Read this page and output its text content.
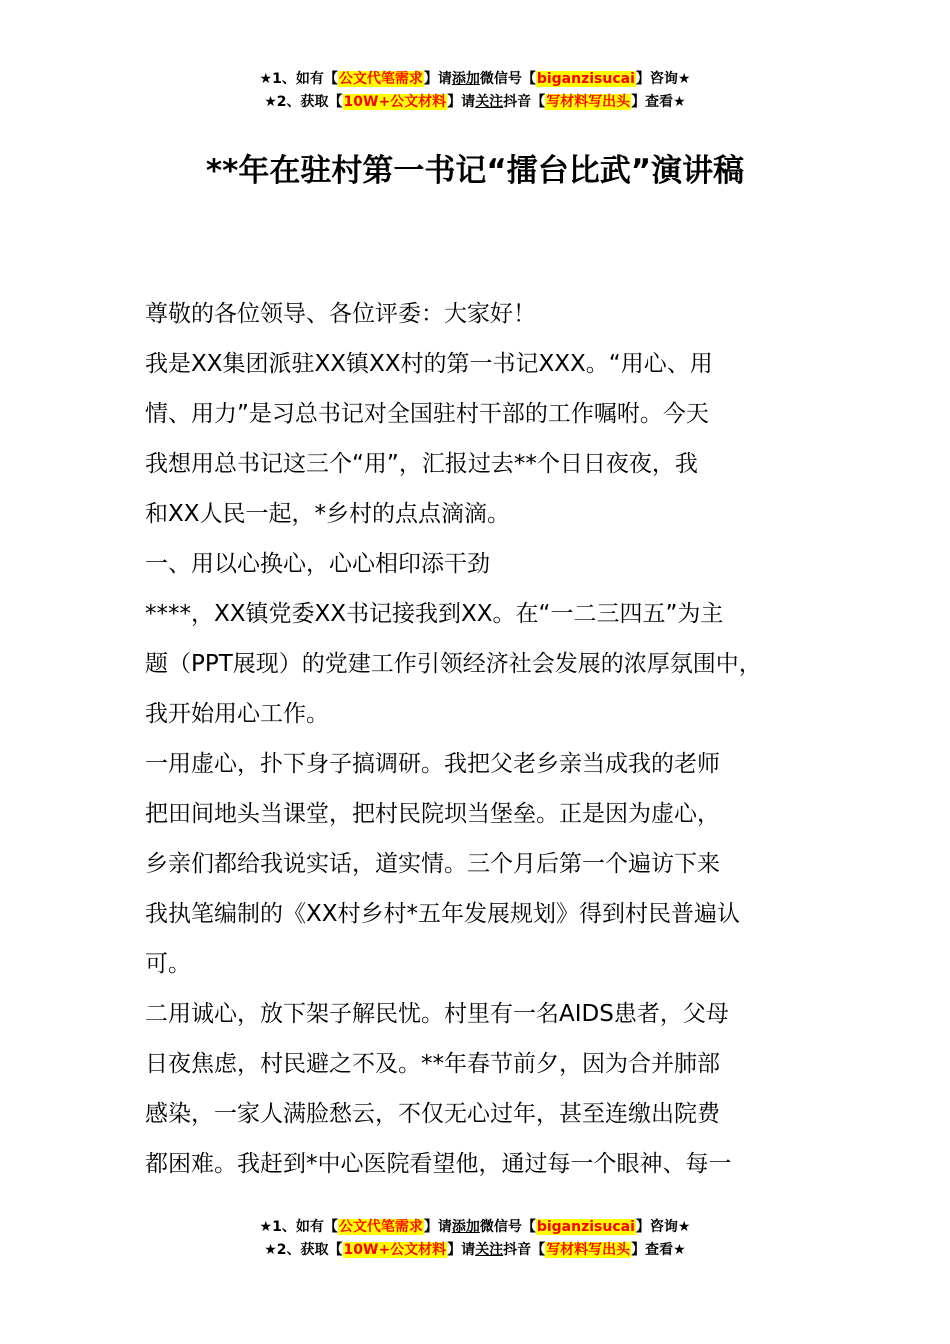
★1、如有【公文代笔需求】请添加微信号【biganzisucai】咨询★
★2、获取【10W+公文材料】请关注抖音【写材料写出头】查看★
**年在驻村第一书记“擂台比武”演讲稿
尊敬的各位领导、各位评委：大家好！
我是XX集团派驻XX镇XX村的第一书记XXX。“用心、用
情、用力”是习总书记对全国驻村干部的工作嘱咐。今天
我想用总书记这三个“用”，汇报过去**个日日夜夜，我
和XX人民一起，*乡村的点点滴滴。
一、用以心换心，心心相印添干劲
****，XX镇党委XX书记接我到XX。在“一二三四五”为主
题（PPT展现）的党建工作引领经济社会发展的浓厚氛围中，
我开始用心工作。
一用虚心，扑下身子搞调研。我把父老乡亲当成我的老师
把田间地头当课堂，把村民院坝当堡垒。正是因为虚心，
乡亲们都给我说实话，道实情。三个月后第一个遍访下来
我执笔编制的《XX村乡村*五年发展规划》得到村民普遍认
可。
二用诚心，放下架子解民忧。村里有一名AIDS患者，父母
日夜焦虑，村民避之不及。**年春节前夕，因为合并肺部
感染，一家人满脸愁云，不仅无心过年，甚至连缴出院费
都困难。我赶到*中心医院看望他，通过每一个眼神、每一
★1、如有【公文代笔需求】请添加微信号【biganzisucai】咨询★
★2、获取【10W+公文材料】请关注抖音【写材料写出头】查看★
